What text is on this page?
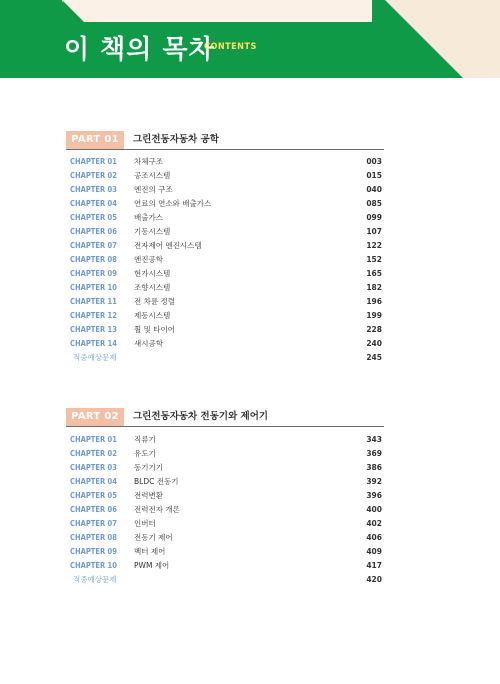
이 책의 목차
CONTENTS
PART 01	그린전동자동차 공학
CHAPTER 01 차체구조	003
CHAPTER 02 공조시스템	015
CHAPTER 03 엔진의 구조	040
CHAPTER 04 연료의 연소와 배출가스	085
CHAPTER 05 배출가스	099
CHAPTER 06 기동시스템	107
CHAPTER 07 전자제어 엔진시스템	122
CHAPTER 08 엔진공학	152
CHAPTER 09 현가시스템	165
CHAPTER 10 조향시스템	182
CHAPTER 11 전 차륜 정렬	196
CHAPTER 12 제동시스템	199
CHAPTER 13 휠 및 타이어	228
CHAPTER 14 섀시공학	240
적중예상문제	245
PART 02	그린전동자동차 전동기와 제어기
CHAPTER 01 직류기	343
CHAPTER 02 유도기	369
CHAPTER 03 동기기기	386
CHAPTER 04 BLDC 전동기	392
CHAPTER 05 전력변환	396
CHAPTER 06 전력전자 개론	400
CHAPTER 07 인버터	402
CHAPTER 08 전동기 제어	406
CHAPTER 09 벡터 제어	409
CHAPTER 10 PWM 제어	417
적중예상문제	420
